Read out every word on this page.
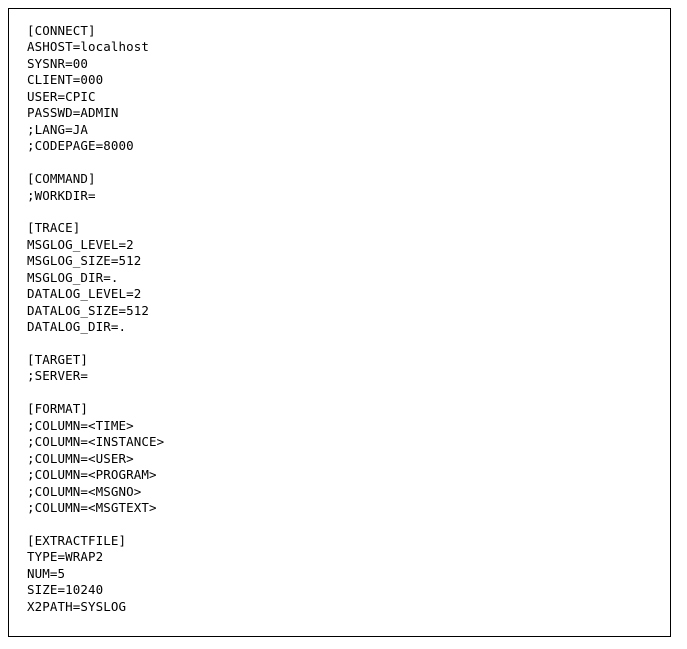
[CONNECT]
ASHOST=localhost
SYSNR=00
CLIENT=000
USER=CPIC
PASSWD=ADMIN
;LANG=JA
;CODEPAGE=8000
[COMMAND]
;WORKDIR=
[TRACE]
MSGLOG_LEVEL=2
MSGLOG_SIZE=512
MSGLOG_DIR=.
DATALOG_LEVEL=2
DATALOG_SIZE=512
DATALOG_DIR=.
[TARGET]
;SERVER=
[FORMAT]
;COLUMN=<TIME>
;COLUMN=<INSTANCE>
;COLUMN=<USER>
;COLUMN=<PROGRAM>
;COLUMN=<MSGNO>
;COLUMN=<MSGTEXT>
[EXTRACTFILE]
TYPE=WRAP2
NUM=5
SIZE=10240
X2PATH=SYSLOG
